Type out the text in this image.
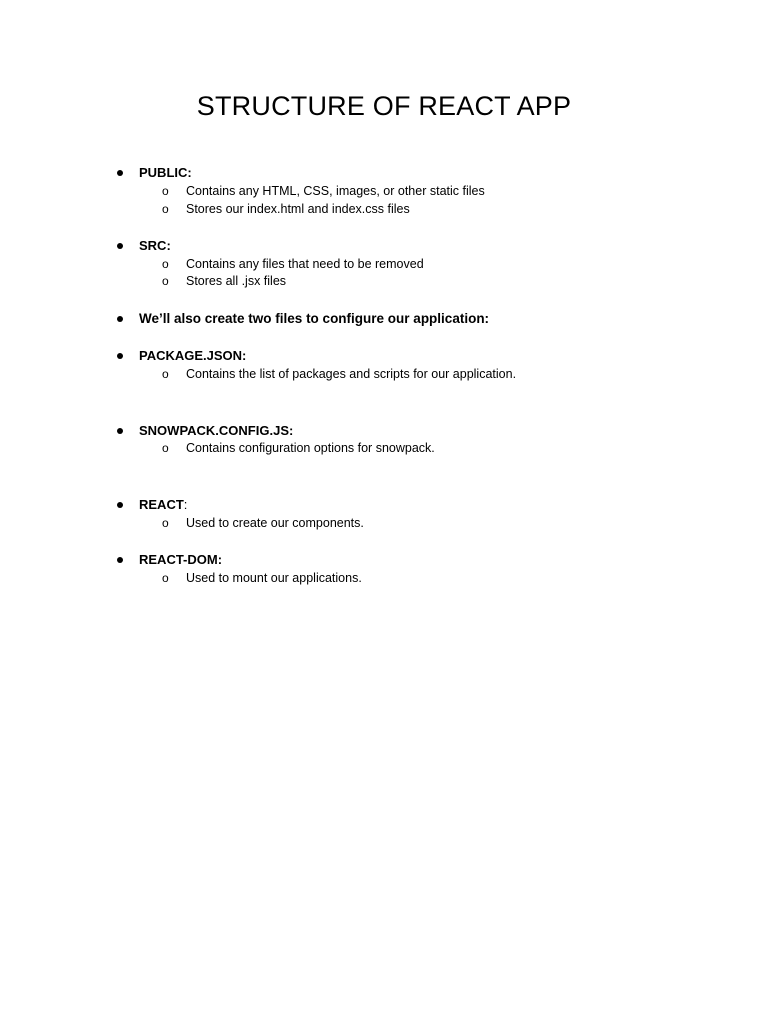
STRUCTURE OF REACT APP
PUBLIC:
o Contains any HTML, CSS, images, or other static files
o Stores our index.html and index.css files
SRC:
o Contains any files that need to be removed
o Stores all .jsx files
We’ll also create two files to configure our application:
PACKAGE.JSON:
o Contains the list of packages and scripts for our application.
SNOWPACK.CONFIG.JS:
o Contains configuration options for snowpack.
REACT:
o Used to create our components.
REACT-DOM:
o Used to mount our applications.
